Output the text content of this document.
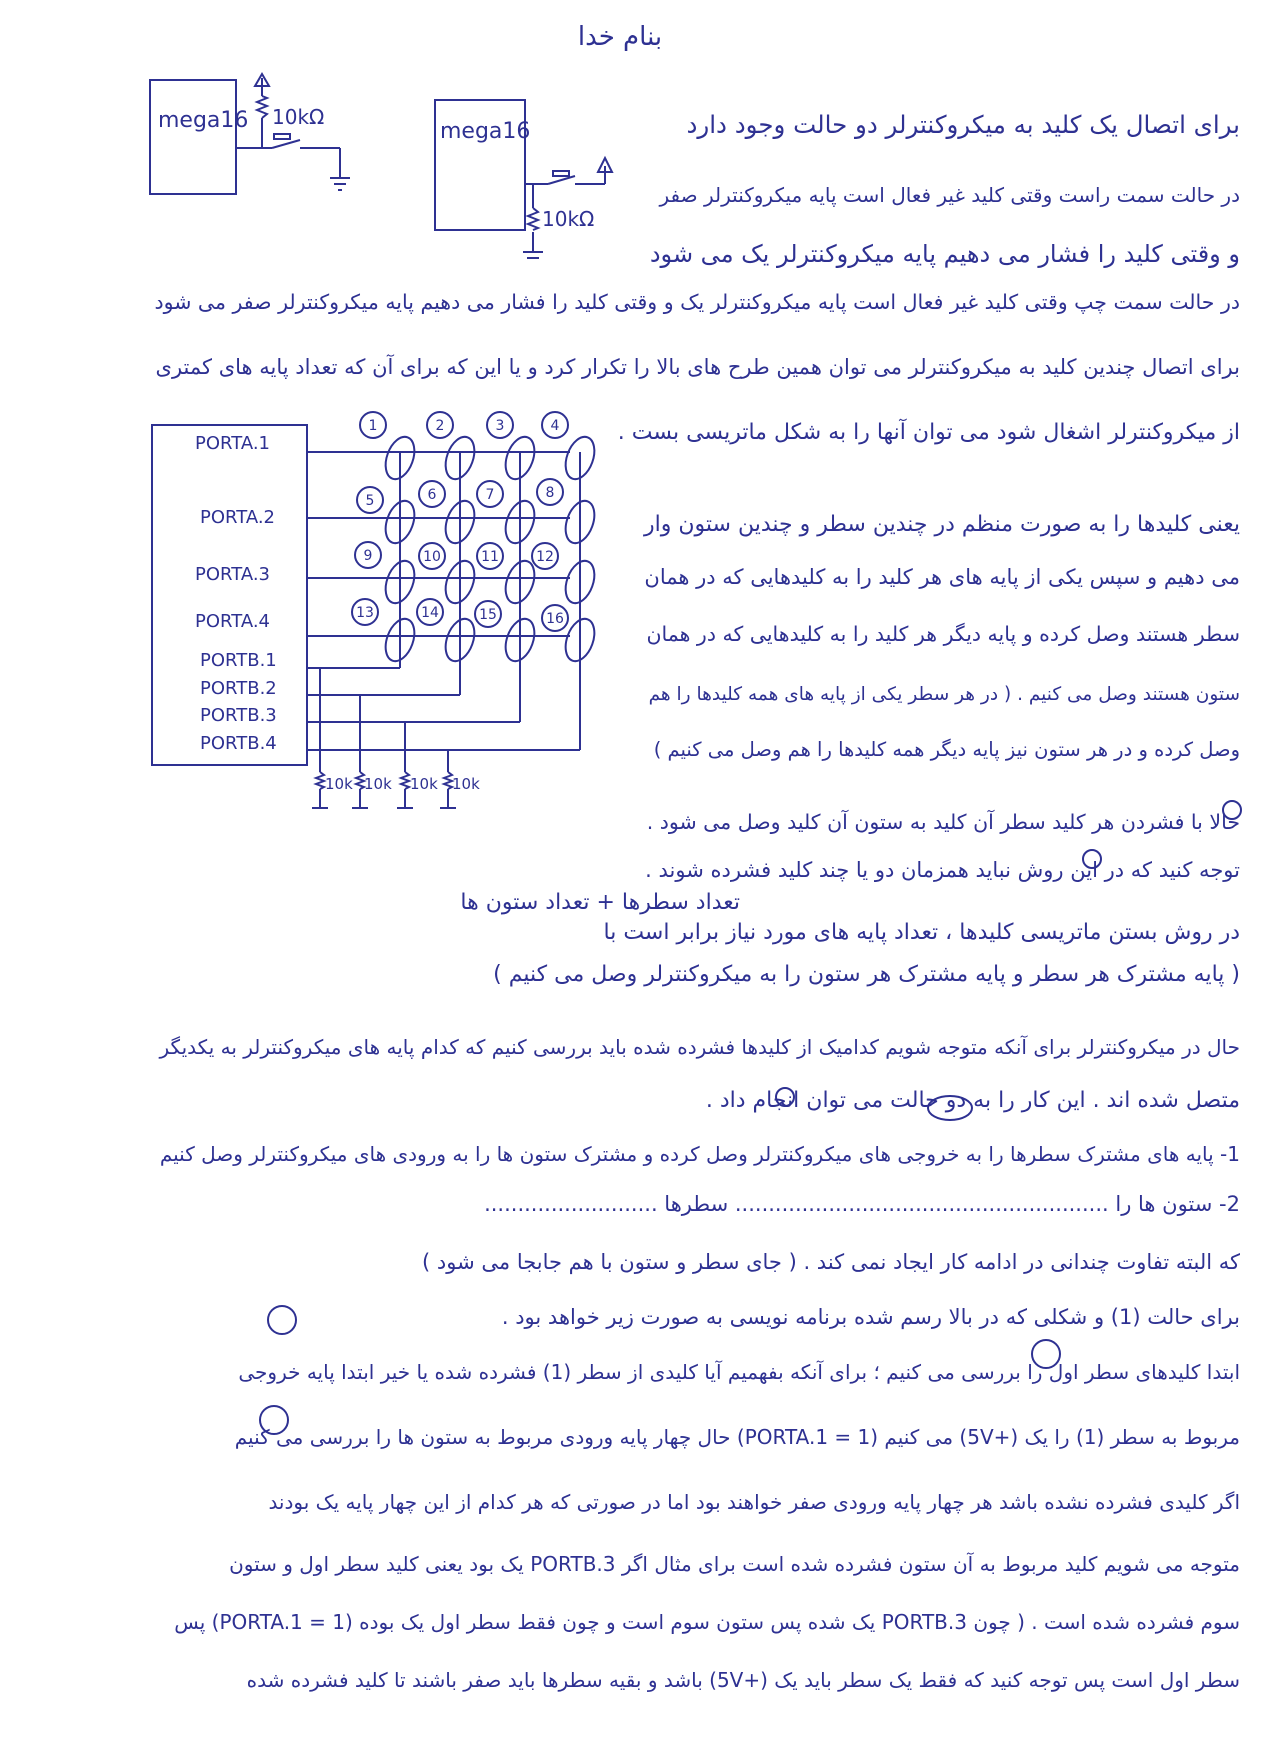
بنام خدا
mega16 10kΩ
mega16
10kΩ
PORTA.1
PORTA.2
PORTA.3
PORTA.4
PORTB.1
PORTB.2
PORTB.3
PORTB.4
1	2	3	4
5	6	7	8
9	10	11	12
13	14	15	16
10k 10k 10k 10k
برای اتصال یک کلید به میکروکنترلر دو حالت وجود دارد
در حالت سمت راست وقتی کلید غیر فعال است پایه میکروکنترلر صفر
و وقتی کلید را فشار می دهیم پایه میکروکنترلر یک می شود
در حالت سمت چپ وقتی کلید غیر فعال است پایه میکروکنترلر یک و وقتی کلید را فشار می دهیم پایه میکروکنترلر صفر می شود
برای اتصال چندین کلید به میکروکنترلر می توان همین طرح های بالا را تکرار کرد و یا این که برای آن که تعداد پایه های کمتری
از میکروکنترلر اشغال شود می توان آنها را به شکل ماتریسی بست .
یعنی کلیدها را به صورت منظم در چندین سطر و چندین ستون وار
می دهیم و سپس یکی از پایه های هر کلید را به کلیدهایی که در همان
سطر هستند وصل کرده و پایه دیگر هر کلید را به کلیدهایی که در همان
ستون هستند وصل می کنیم . ( در هر سطر یکی از پایه های همه کلیدها را هم
وصل کرده و در هر ستون نیز پایه دیگر همه کلیدها را هم وصل می کنیم )
حالا با فشردن هر کلید سطر آن کلید به ستون آن کلید وصل می شود .
توجه کنید که در این روش نباید همزمان دو یا چند کلید فشرده شوند .
تعداد سطرها + تعداد ستون ها
در روش بستن ماتریسی کلیدها ، تعداد پایه های مورد نیاز برابر است با
( پایه مشترک هر سطر و پایه مشترک هر ستون را به میکروکنترلر وصل می کنیم )
حال در میکروکنترلر برای آنکه متوجه شویم کدامیک از کلیدها فشرده شده باید بررسی کنیم که کدام پایه های میکروکنترلر به یکدیگر
متصل شده اند . این کار را به دو حالت می توان انجام داد .
1- پایه های مشترک سطرها را به خروجی های میکروکنترلر وصل کرده و مشترک ستون ها را به ورودی های میکروکنترلر وصل کنیم
2- ستون ها را ........................................................ سطرها ..........................
که البته تفاوت چندانی در ادامه کار ایجاد نمی کند . ( جای سطر و ستون با هم جابجا می شود )
برای حالت (1) و شکلی که در بالا رسم شده برنامه نویسی به صورت زیر خواهد بود .
ابتدا کلیدهای سطر اول را بررسی می کنیم ؛ برای آنکه بفهمیم آیا کلیدی از سطر (1) فشرده شده یا خیر ابتدا پایه خروجی
مربوط به سطر (1) را یک (+5V) می کنیم (PORTA.1 = 1) حال چهار پایه ورودی مربوط به ستون ها را بررسی می کنیم
اگر کلیدی فشرده نشده باشد هر چهار پایه ورودی صفر خواهند بود اما در صورتی که هر کدام از این چهار پایه یک بودند
متوجه می شویم کلید مربوط به آن ستون فشرده شده است برای مثال اگر PORTB.3 یک بود یعنی کلید سطر اول و ستون
سوم فشرده شده است . ( چون PORTB.3 یک شده پس ستون سوم است و چون فقط سطر اول یک بوده (PORTA.1 = 1) پس
سطر اول است پس توجه کنید که فقط یک سطر باید یک (+5V) باشد و بقیه سطرها باید صفر باشند تا کلید فشرده شده
